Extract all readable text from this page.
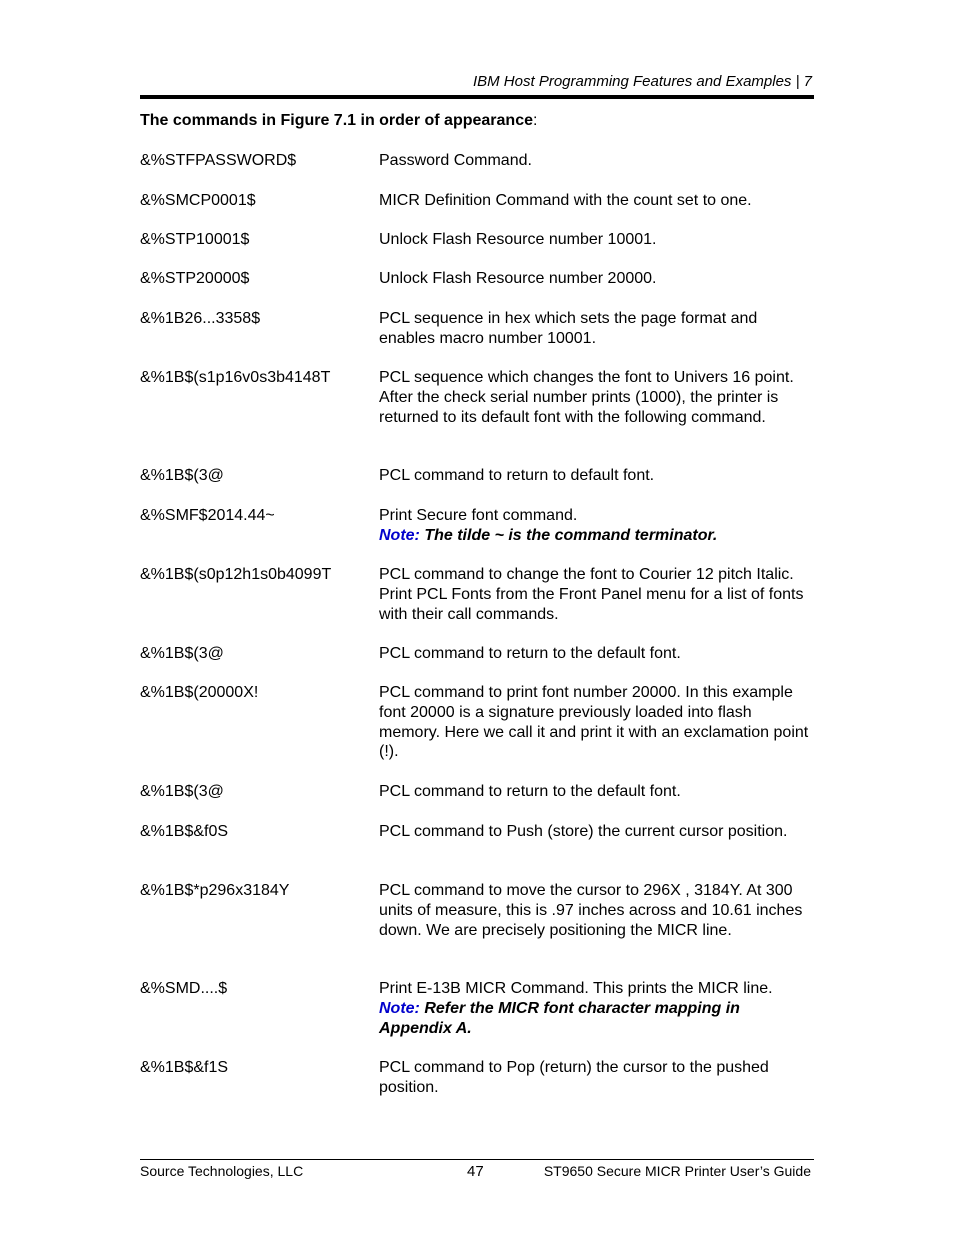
IBM Host Programming Features and Examples | 7
The commands in Figure 7.1 in order of appearance:
&%STFPASSWORD$	Password Command.
&%SMCP0001$	MICR Definition Command with the count set to one.
&%STP10001$	Unlock Flash Resource number 10001.
&%STP20000$	Unlock Flash Resource number 20000.
&%1B26...3358$	PCL sequence in hex which sets the page format and enables macro number 10001.
&%1B$(s1p16v0s3b4148T	PCL sequence which changes the font to Univers 16 point. After the check serial number prints (1000), the printer is returned to its default font with the following command.
&%1B$(3@	PCL command to return to default font.
&%SMF$2014.44~	Print Secure font command.
Note: The tilde ~ is the command terminator.
&%1B$(s0p12h1s0b4099T	PCL command to change the font to Courier 12 pitch Italic. Print PCL Fonts from the Front Panel menu for a list of fonts with their call commands.
&%1B$(3@	PCL command to return to the default font.
&%1B$(20000X!	PCL command to print font number 20000. In this example font 20000 is a signature previously loaded into flash memory. Here we call it and print it with an exclamation point (!).
&%1B$(3@	PCL command to return to the default font.
&%1B$&f0S	PCL command to Push (store) the current cursor position.
&%1B$*p296x3184Y	PCL command to move the cursor to 296X , 3184Y. At 300 units of measure, this is .97 inches across and 10.61 inches down. We are precisely positioning the MICR line.
&%SMD....$	Print E-13B MICR Command. This prints the MICR line.
Note: Refer the MICR font character mapping in Appendix A.
&%1B$&f1S	PCL command to Pop (return) the cursor to the pushed position.
Source Technologies, LLC	47	ST9650 Secure MICR Printer User’s Guide
